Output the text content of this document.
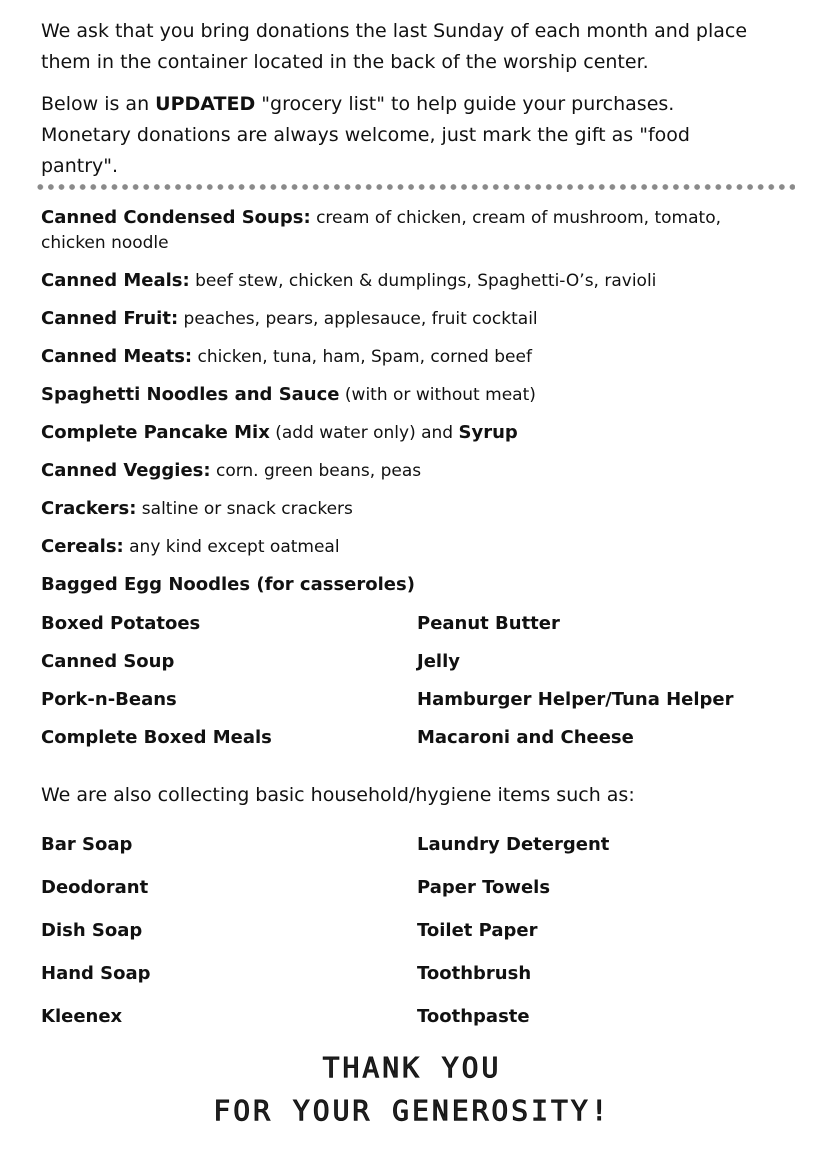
We ask that you bring donations the last Sunday of each month and place them in the container located in the back of the worship center.

Below is an UPDATED "grocery list" to help guide your purchases. Monetary donations are always welcome, just mark the gift as "food pantry".

Canned Condensed Soups: cream of chicken, cream of mushroom, tomato, chicken noodle

Canned Meals: beef stew, chicken & dumplings, Spaghetti-O’s, ravioli

Canned Fruit: peaches, pears, applesauce, fruit cocktail

Canned Meats: chicken, tuna, ham, Spam, corned beef

Spaghetti Noodles and Sauce (with or without meat)

Complete Pancake Mix (add water only) and Syrup

Canned Veggies: corn. green beans, peas

Crackers: saltine or snack crackers

Cereals: any kind except oatmeal

Bagged Egg Noodles (for casseroles)

Boxed Potatoes
Canned Soup
Pork-n-Beans
Complete Boxed Meals
Peanut Butter
Jelly
Hamburger Helper/Tuna Helper
Macaroni and Cheese

We are also collecting basic household/hygiene items such as:

Bar Soap
Deodorant
Dish Soap
Hand Soap
Kleenex
Laundry Detergent
Paper Towels
Toilet Paper
Toothbrush
Toothpaste
THANK YOU
FOR YOUR GENEROSITY!
